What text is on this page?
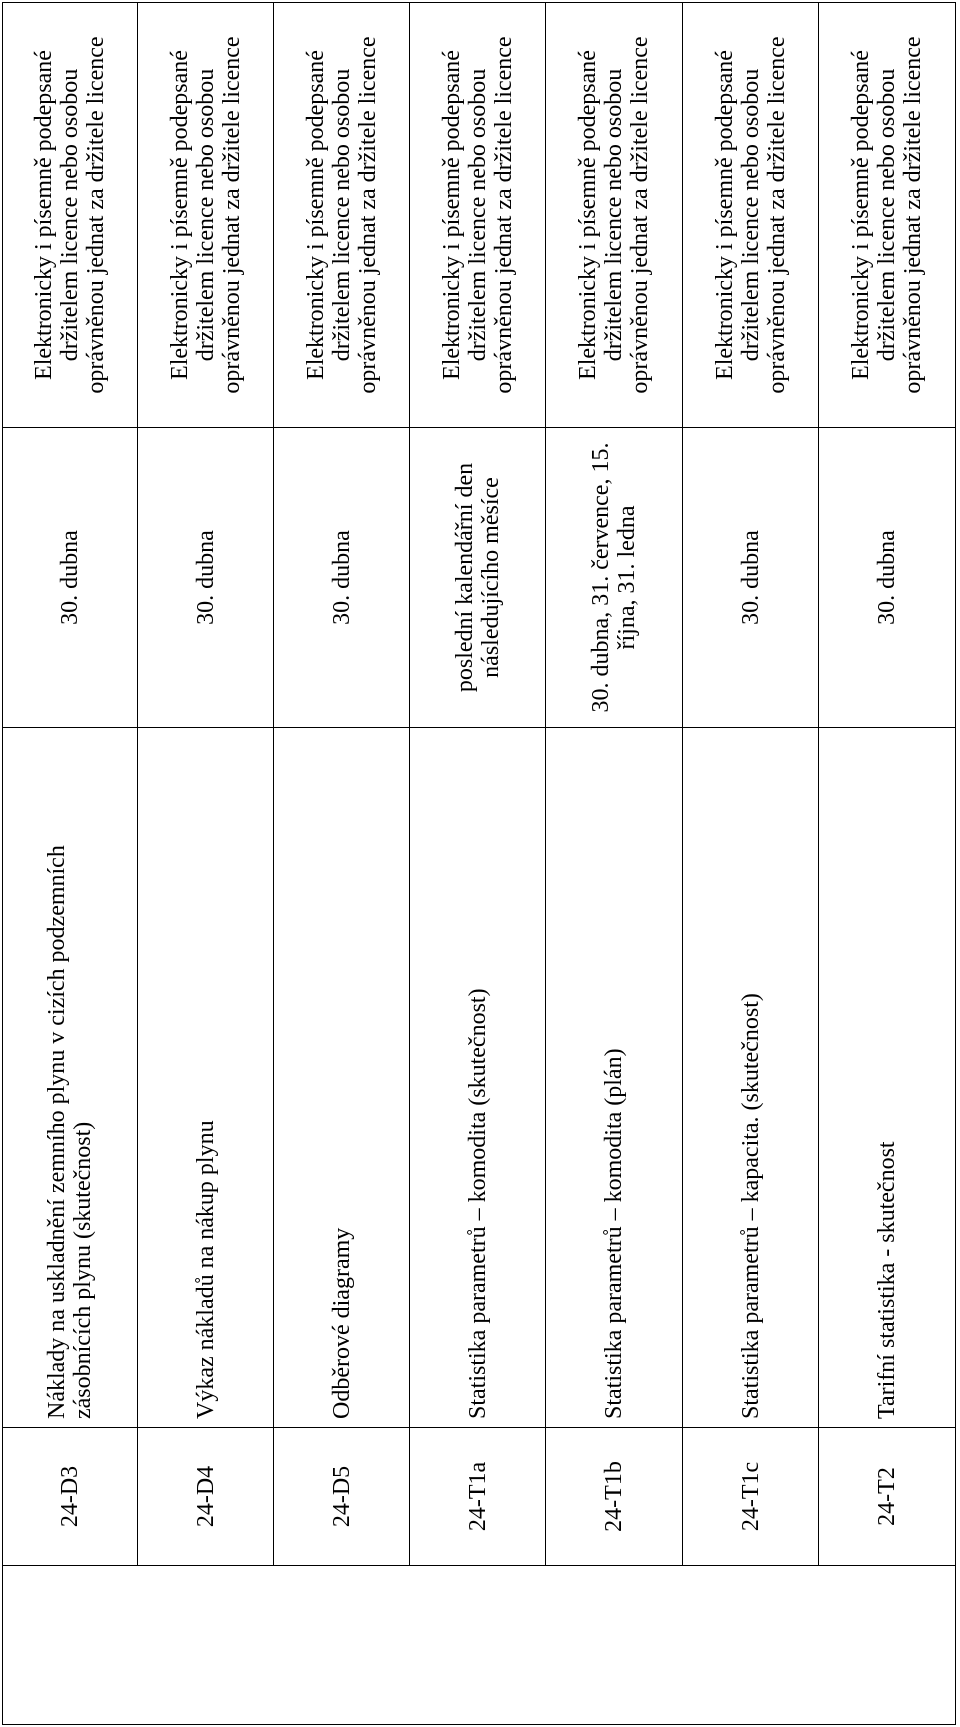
	24-D3	Náklady na uskladnění zemního plynu v cizích podzemních zásobnících plynu (skutečnost)	30. dubna	Elektronicky i písemně podepsané držitelem licence nebo osobou oprávněnou jednat za držitele licence
	24-D4	Výkaz nákladů na nákup plynu	30. dubna	Elektronicky i písemně podepsané držitelem licence nebo osobou oprávněnou jednat za držitele licence
	24-D5	Odběrové diagramy	30. dubna	Elektronicky i písemně podepsané držitelem licence nebo osobou oprávněnou jednat za držitele licence
	24-T1a	Statistika parametrů – komodita (skutečnost)	poslední kalendářní den následujícího měsíce	Elektronicky i písemně podepsané držitelem licence nebo osobou oprávněnou jednat za držitele licence
	24-T1b	Statistika parametrů – komodita (plán)	30. dubna, 31. července, 15. října, 31. ledna	Elektronicky i písemně podepsané držitelem licence nebo osobou oprávněnou jednat za držitele licence
	24-T1c	Statistika parametrů – kapacita. (skutečnost)	30. dubna	Elektronicky i písemně podepsané držitelem licence nebo osobou oprávněnou jednat za držitele licence
	24-T2	Tarifní statistika - skutečnost	30. dubna	Elektronicky i písemně podepsané držitelem licence nebo osobou oprávněnou jednat za držitele licence
